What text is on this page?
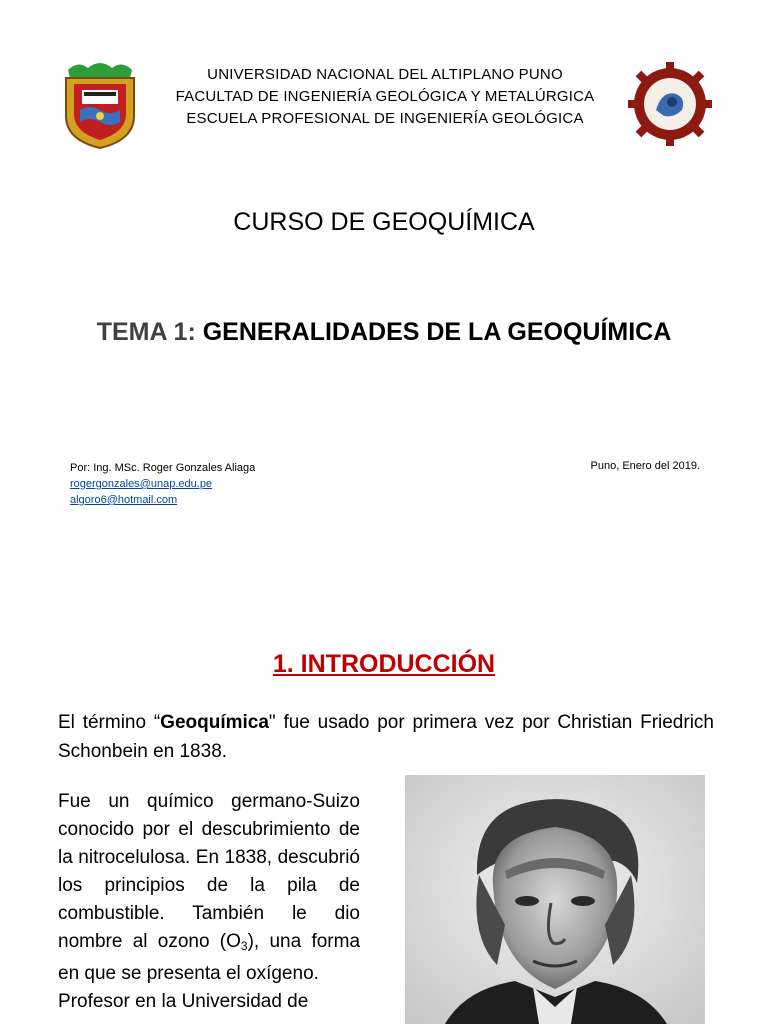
UNIVERSIDAD NACIONAL DEL ALTIPLANO PUNO
FACULTAD DE INGENIERÍA GEOLÓGICA Y METALÚRGICA
ESCUELA PROFESIONAL DE INGENIERÍA GEOLÓGICA
CURSO DE GEOQUÍMICA
TEMA 1: GENERALIDADES DE LA GEOQUÍMICA
Por: Ing. MSc. Roger Gonzales Aliaga
rogergonzales@unap.edu.pe
algoro6@hotmail.com
Puno, Enero del 2019.
1. INTRODUCCIÓN

El término “Geoquímica" fue usado por primera vez por Christian Friedrich Schonbein en 1838.

Fue un químico germano-Suizo conocido por el descubrimiento de la nitrocelulosa. En 1838, descubrió los principios de la pila de combustible. También le dio nombre al ozono $(O_3)$, una forma en que se presenta el oxígeno.
Profesor en la Universidad de
